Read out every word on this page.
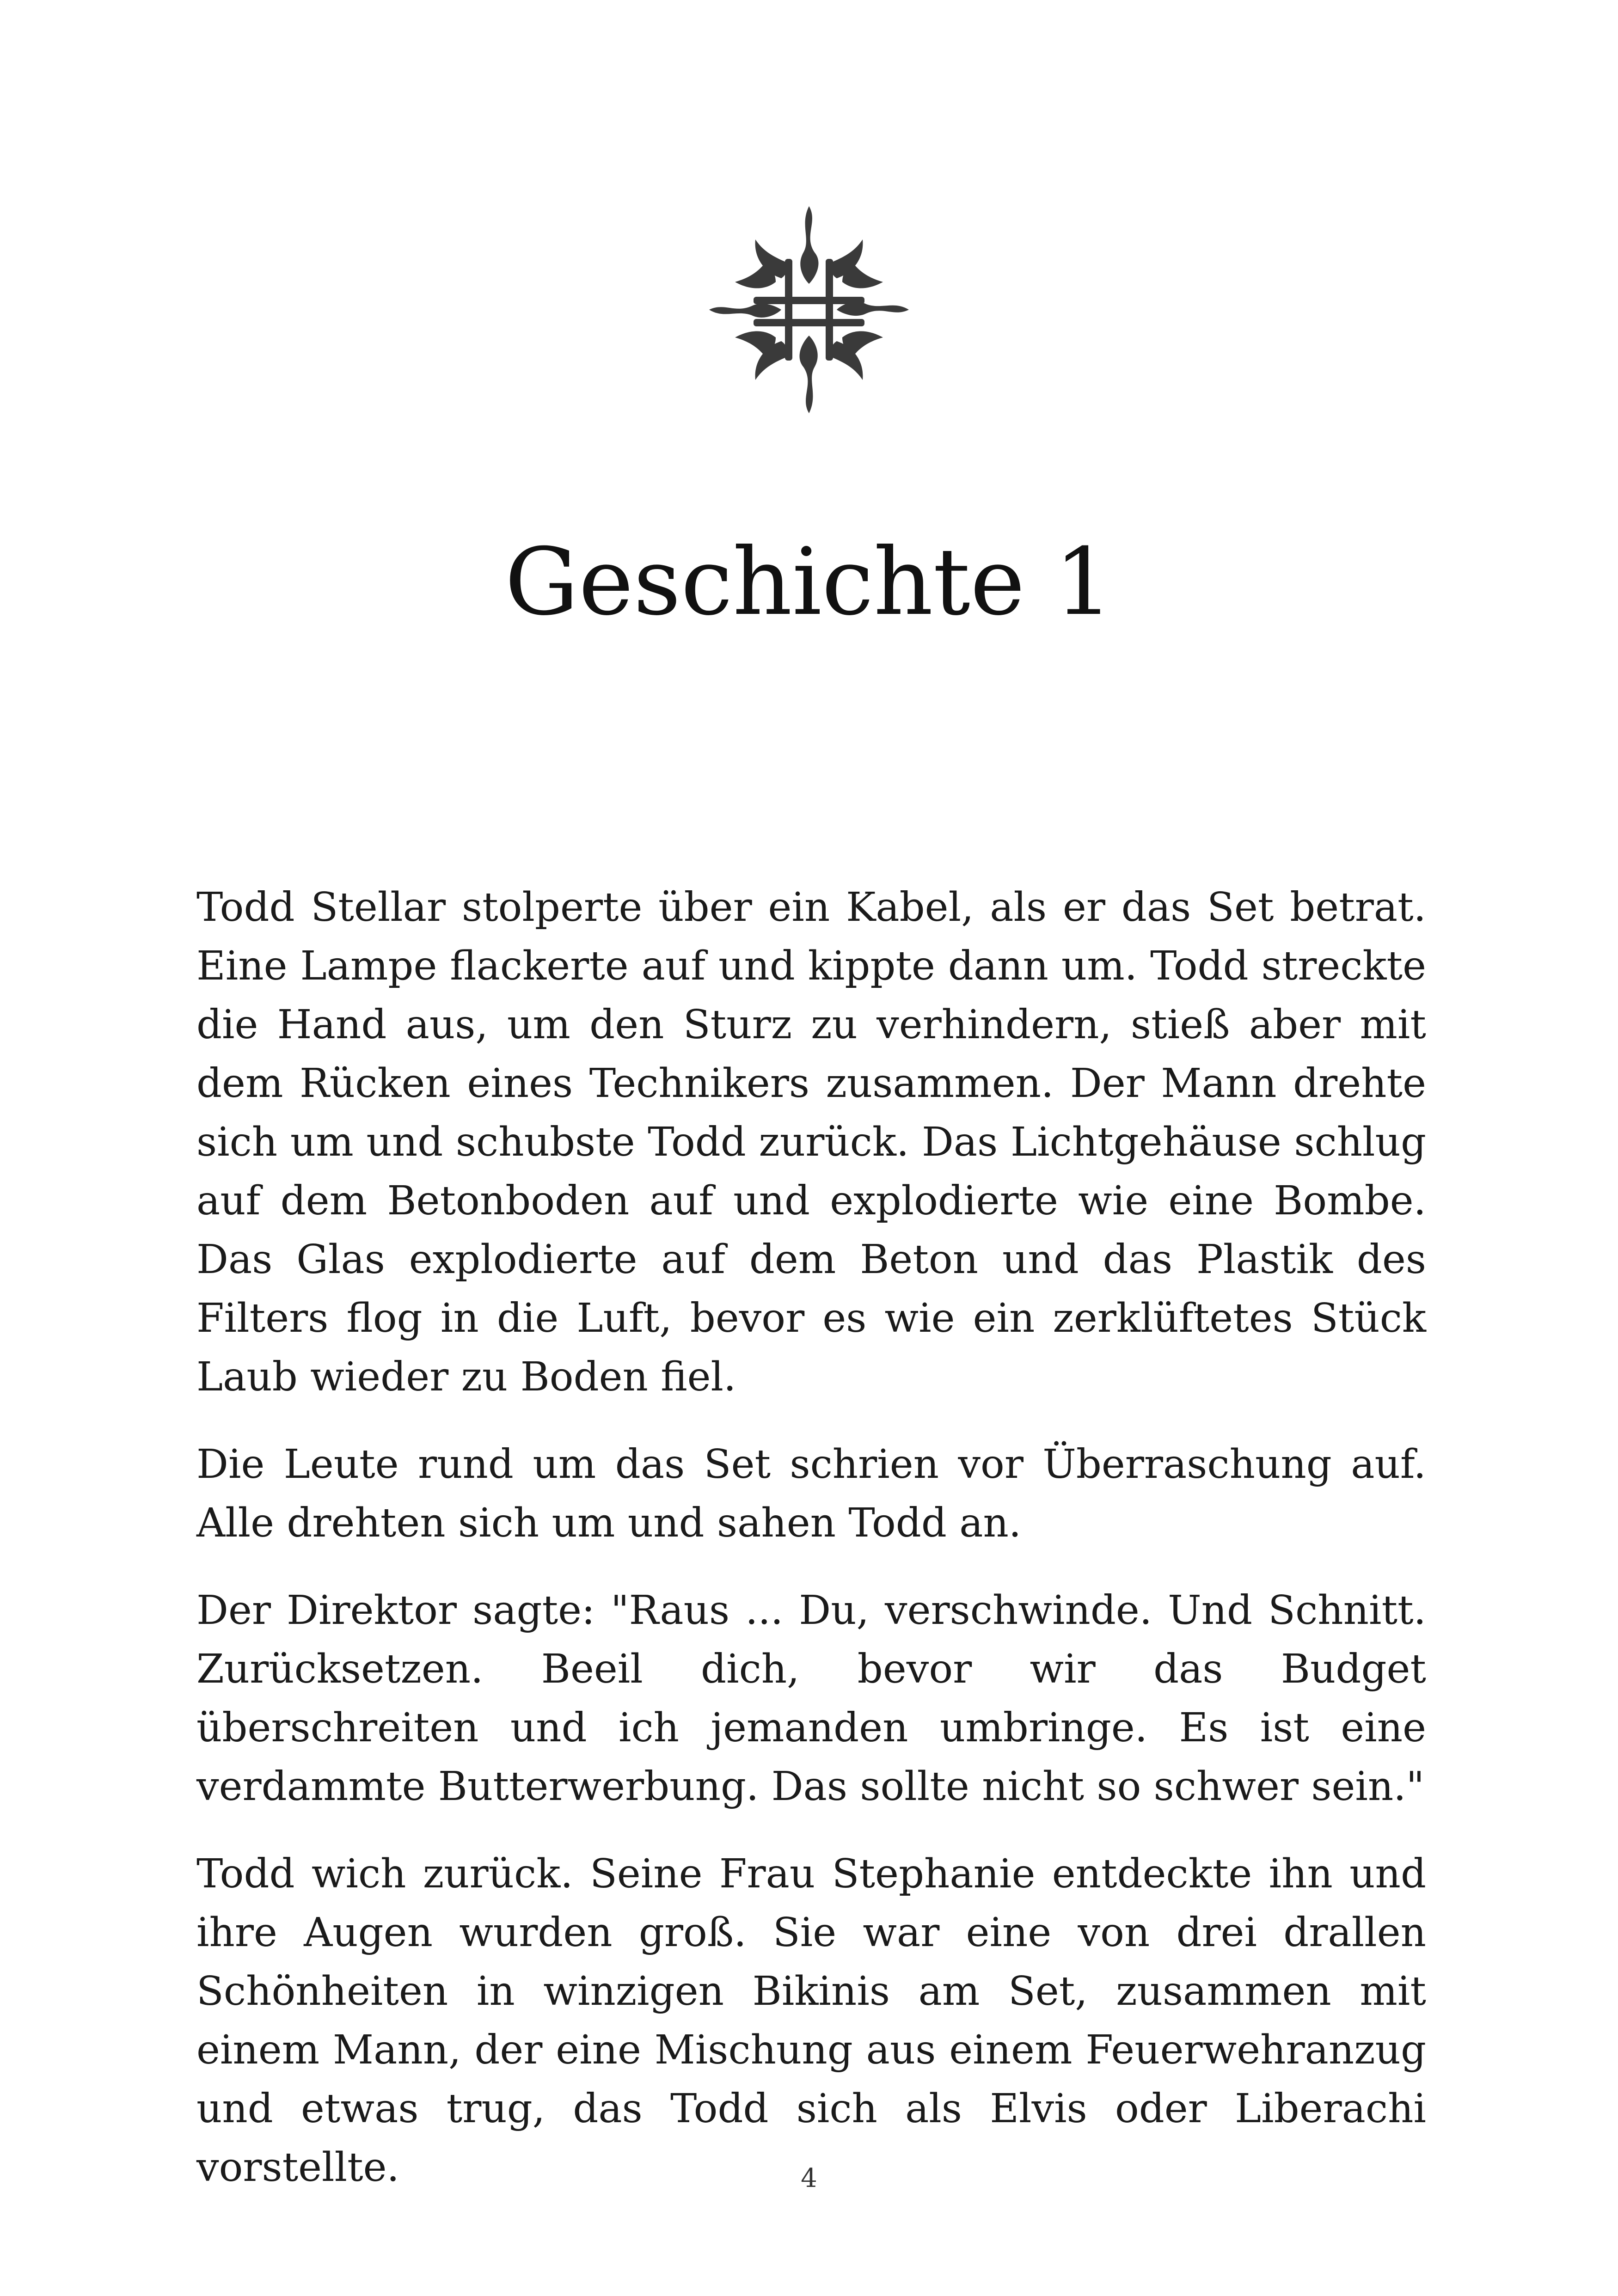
Geschichte 1

Todd Stellar stolperte über ein Kabel, als er das Set betrat. Eine Lampe flackerte auf und kippte dann um. Todd streckte die Hand aus, um den Sturz zu verhindern, stieß aber mit dem Rücken eines Technikers zusammen. Der Mann drehte sich um und schubste Todd zurück. Das Lichtgehäuse schlug auf dem Betonboden auf und explodierte wie eine Bombe. Das Glas explodierte auf dem Beton und das Plastik des Filters flog in die Luft, bevor es wie ein zerklüftetes Stück Laub wieder zu Boden fiel.

Die Leute rund um das Set schrien vor Überraschung auf. Alle drehten sich um und sahen Todd an.

Der Direktor sagte: "Raus ... Du, verschwinde. Und Schnitt. Zurücksetzen. Beeil dich, bevor wir das Budget überschreiten und ich jemanden umbringe. Es ist eine verdammte Butterwerbung. Das sollte nicht so schwer sein."

Todd wich zurück. Seine Frau Stephanie entdeckte ihn und ihre Augen wurden groß. Sie war eine von drei drallen Schönheiten in winzigen Bikinis am Set, zusammen mit einem Mann, der eine Mischung aus einem Feuerwehranzug und etwas trug, das Todd sich als Elvis oder Liberachi vorstellte.	4
